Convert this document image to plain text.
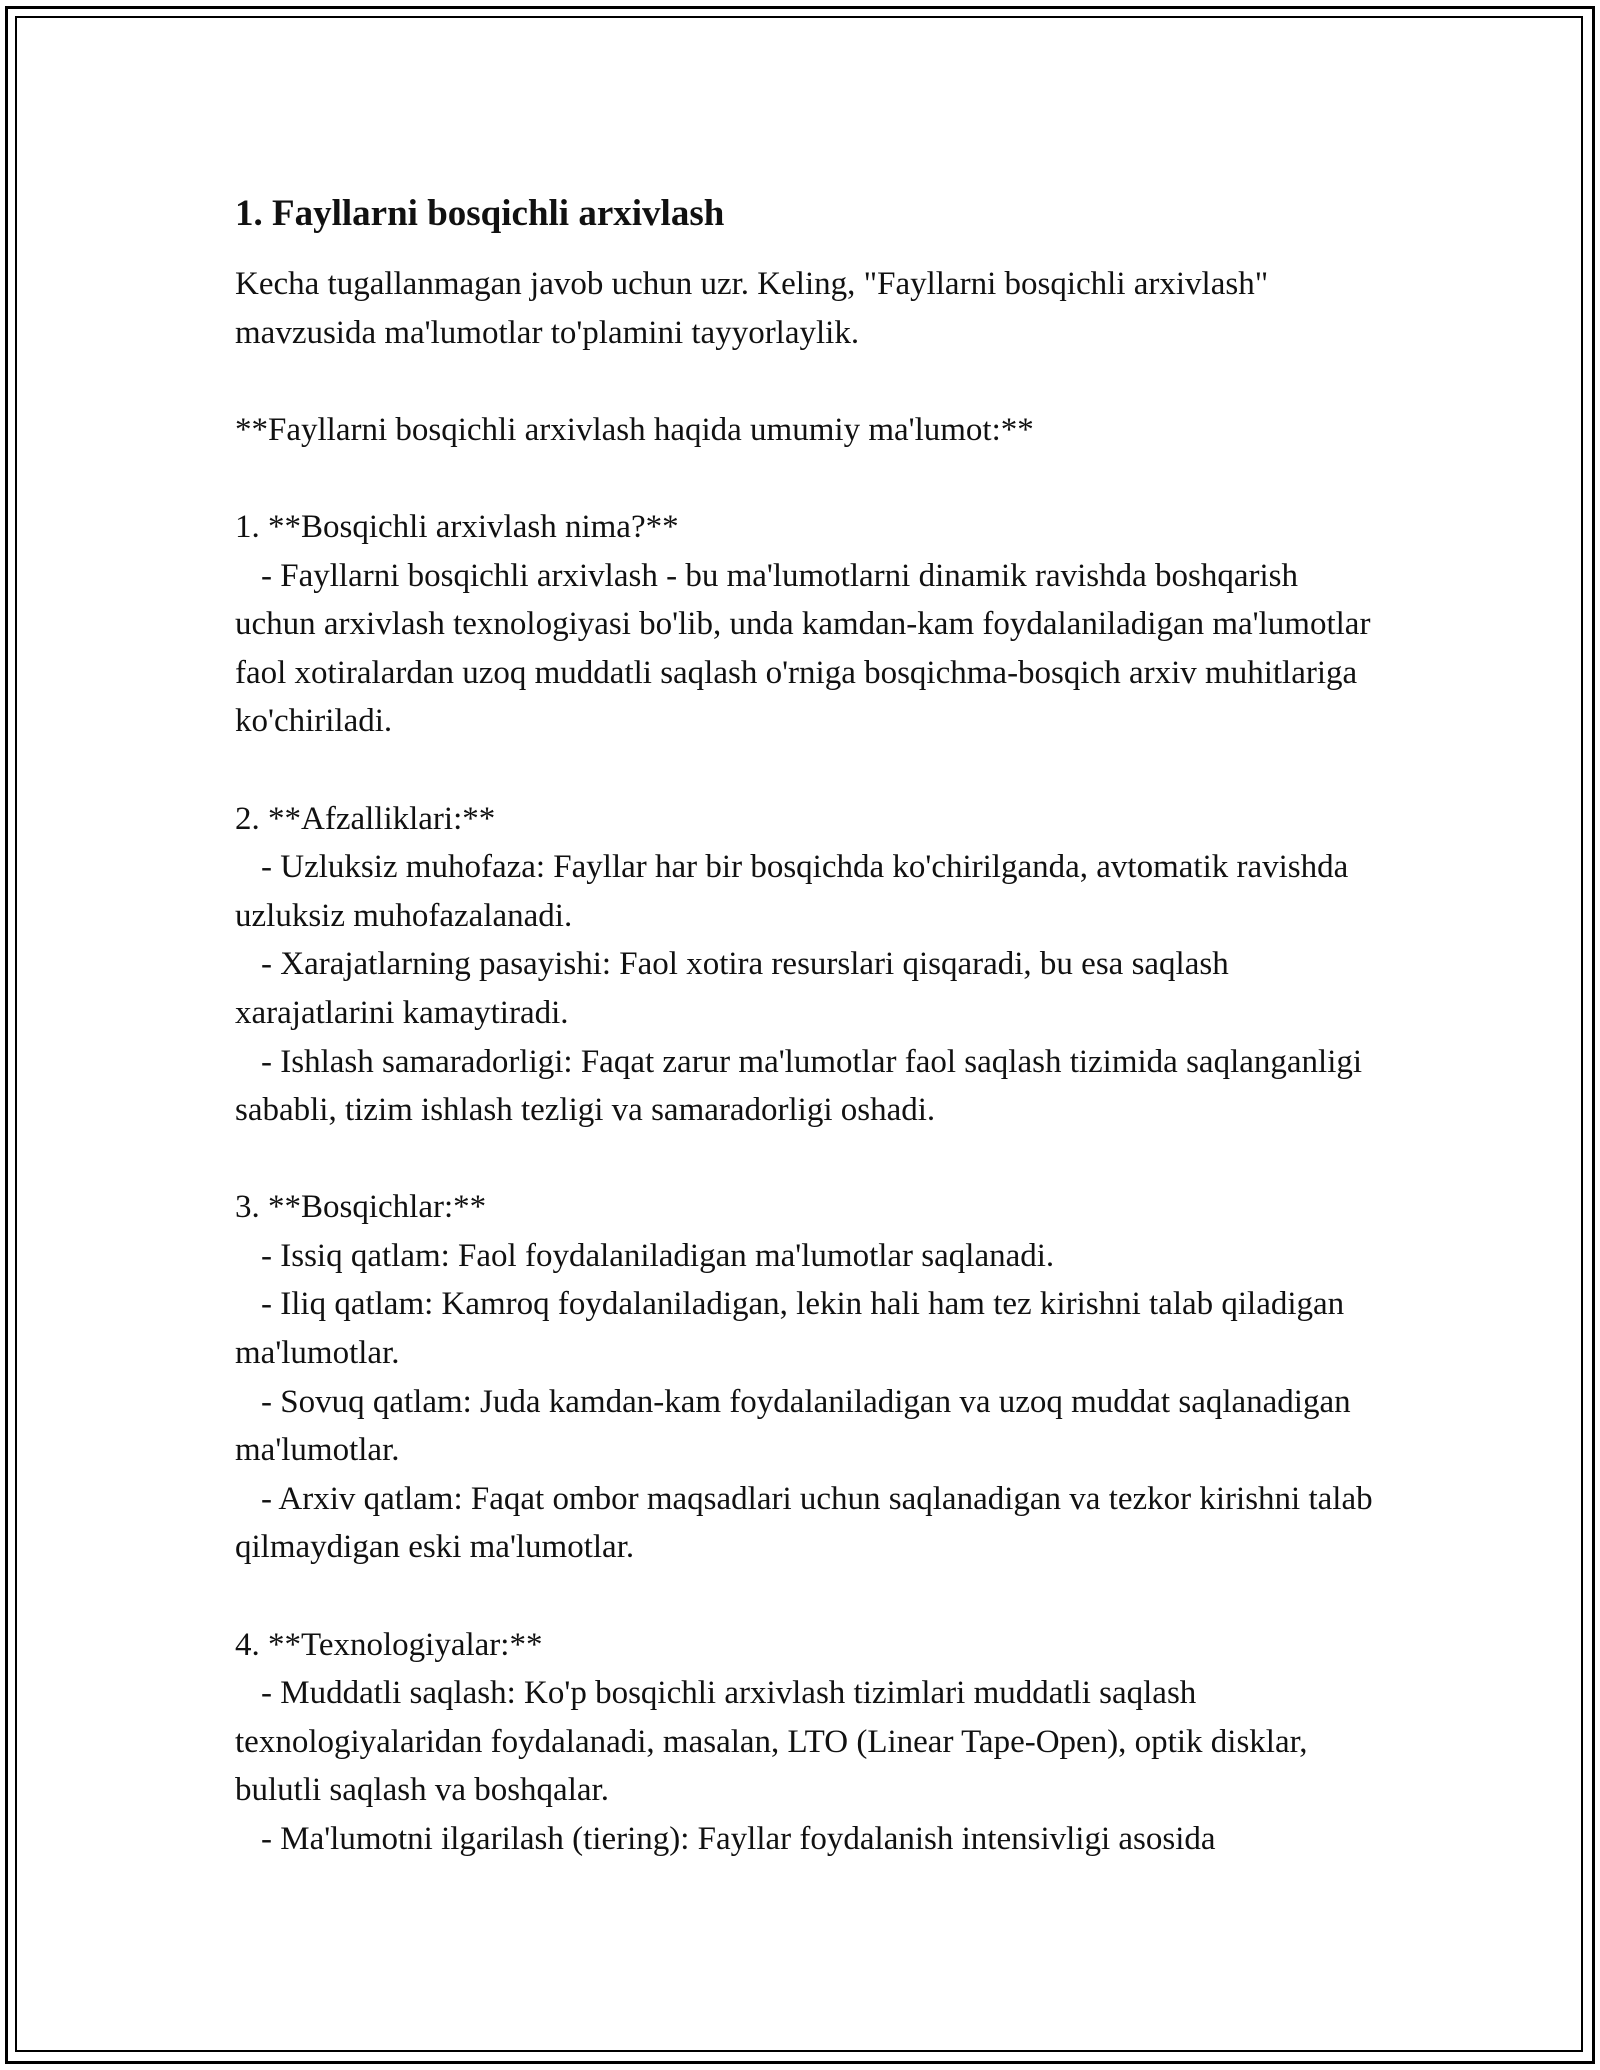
1. Fayllarni bosqichli arxivlash

Kecha tugallanmagan javob uchun uzr. Keling, "Fayllarni bosqichli arxivlash" mavzusida ma'lumotlar to'plamini tayyorlaylik.

**Fayllarni bosqichli arxivlash haqida umumiy ma'lumot:**

1. **Bosqichli arxivlash nima?**

- Fayllarni bosqichli arxivlash - bu ma'lumotlarni dinamik ravishda boshqarish uchun arxivlash texnologiyasi bo'lib, unda kamdan-kam foydalaniladigan ma'lumotlar faol xotiralardan uzoq muddatli saqlash o'rniga bosqichma-bosqich arxiv muhitlariga ko'chiriladi.

2. **Afzalliklari:**

- Uzluksiz muhofaza: Fayllar har bir bosqichda ko'chirilganda, avtomatik ravishda uzluksiz muhofazalanadi.

- Xarajatlarning pasayishi: Faol xotira resurslari qisqaradi, bu esa saqlash xarajatlarini kamaytiradi.

- Ishlash samaradorligi: Faqat zarur ma'lumotlar faol saqlash tizimida saqlanganligi sababli, tizim ishlash tezligi va samaradorligi oshadi.

3. **Bosqichlar:**

- Issiq qatlam: Faol foydalaniladigan ma'lumotlar saqlanadi.

- Iliq qatlam: Kamroq foydalaniladigan, lekin hali ham tez kirishni talab qiladigan ma'lumotlar.

- Sovuq qatlam: Juda kamdan-kam foydalaniladigan va uzoq muddat saqlanadigan ma'lumotlar.

- Arxiv qatlam: Faqat ombor maqsadlari uchun saqlanadigan va tezkor kirishni talab qilmaydigan eski ma'lumotlar.

4. **Texnologiyalar:**

- Muddatli saqlash: Ko'p bosqichli arxivlash tizimlari muddatli saqlash texnologiyalaridan foydalanadi, masalan, LTO (Linear Tape-Open), optik disklar, bulutli saqlash va boshqalar.

- Ma'lumotni ilgarilash (tiering): Fayllar foydalanish intensivligi asosida
